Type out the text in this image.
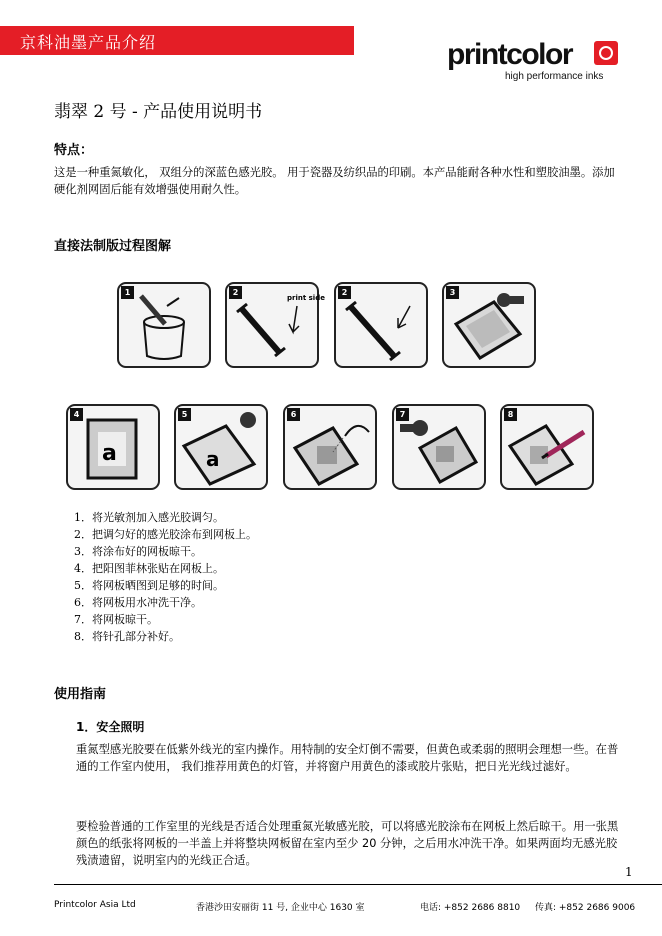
京科油墨产品介绍	printcolor
high performance inks
翡翠 2 号 - 产品使用说明书
特点：
这是一种重氮敏化， 双组分的深蓝色感光胶。 用于瓷器及纺织品的印刷。本产品能耐各种水性和塑胶油墨。添加硬化剂网固后能有效增强使用耐久性。
直接法制版过程图解
1	2
print side
2	3
4
a
5
a
6	7	8
1．将光敏剂加入感光胶调匀。
2．把调匀好的感光胶涂布到网板上。
3．将涂布好的网板晾干。
4．把阳图菲林张贴在网板上。
5．将网板晒图到足够的时间。
6．将网板用水冲洗干净。
7．将网板晾干。
8．将针孔部分补好。
使用指南
1．安全照明
重氮型感光胶要在低紫外线光的室内操作。用特制的安全灯倒不需要，但黄色或柔弱的照明会理想一些。在普通的工作室内使用， 我们推荐用黄色的灯管，并将窗户用黄色的漆或胶片张贴，把日光光线过滤好。
要检验普通的工作室里的光线是否适合处理重氮光敏感光胶，可以将感光胶涂布在网板上然后晾干。用一张黑颜色的纸张将网板的一半盖上并将整块网板留在室内至少 20 分钟，之后用水冲洗干净。如果两面均无感光胶残渍遗留，说明室内的光线正合适。
1
Printcolor Asia Ltd	香港沙田安丽街 11 号, 企业中心 1630 室	电话: +852 2686 8810 传真: +852 2686 9006
